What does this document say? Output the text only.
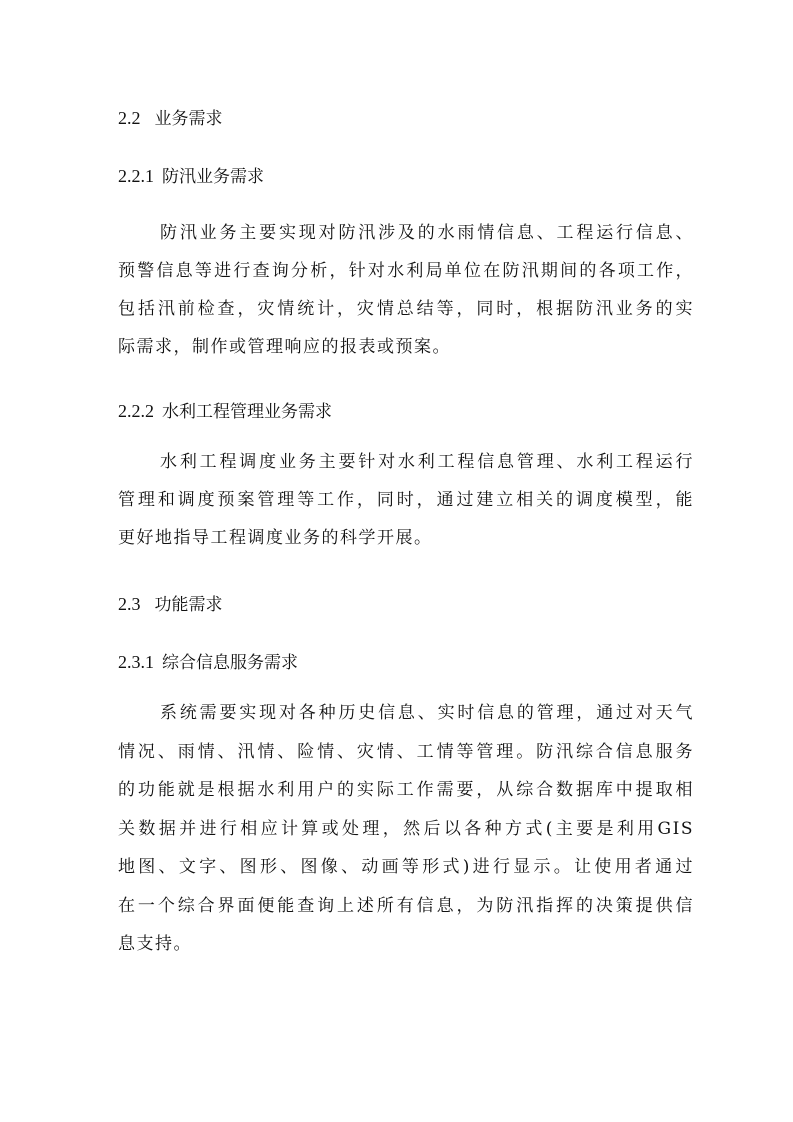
2.2 业务需求
2.2.1 防汛业务需求
防汛业务主要实现对防汛涉及的水雨情信息、工程运行信息、
预警信息等进行查询分析，针对水利局单位在防汛期间的各项工作，
包括汛前检查，灾情统计，灾情总结等，同时，根据防汛业务的实
际需求，制作或管理响应的报表或预案。
2.2.2 水利工程管理业务需求
水利工程调度业务主要针对水利工程信息管理、水利工程运行
管理和调度预案管理等工作，同时，通过建立相关的调度模型，能
更好地指导工程调度业务的科学开展。
2.3 功能需求
2.3.1 综合信息服务需求
系统需要实现对各种历史信息、实时信息的管理，通过对天气
情况、雨情、汛情、险情、灾情、工情等管理。防汛综合信息服务
的功能就是根据水利用户的实际工作需要，从综合数据库中提取相
关数据并进行相应计算或处理，然后以各种方式(主要是利用GIS
地图、文字、图形、图像、动画等形式)进行显示。让使用者通过
在一个综合界面便能查询上述所有信息，为防汛指挥的决策提供信
息支持。
